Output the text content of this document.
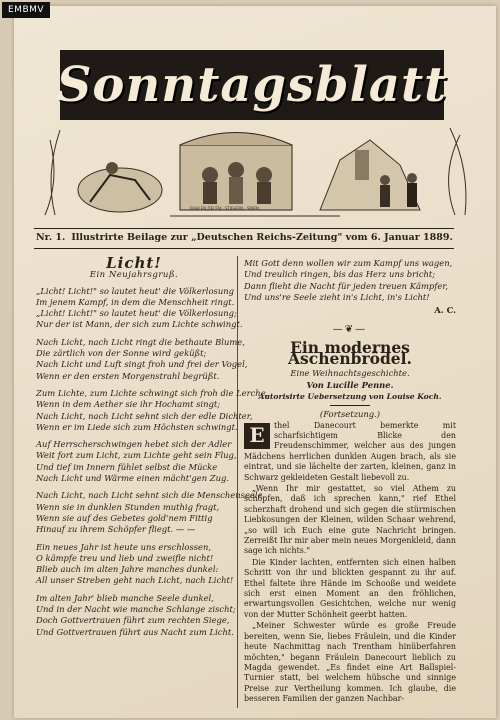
EMBMV
Sonntagsblatt
BAHLEN DELEN · STIEHEIN · SMEM
Nr. 1. Illustrirte Beilage zur „Deutschen Reichs-Zeitung" vom 6. Januar 1889.
Licht!
Ein Neujahrsgruß.

„Licht! Licht!" so lautet heut' die Völkerlosung

Im jenem Kampf, in dem die Menschheit ringt.

„Licht! Licht!" so lautet heut' die Völkerlosung;

Nur der ist Mann, der sich zum Lichte schwingt.

Nach Licht, nach Licht ringt die bethaute Blume,

Die zärtlich von der Sonne wird geküßt;

Nach Licht und Luft singt froh und frei der Vogel,

Wenn er den ersten Morgenstrahl begrüßt.

Zum Lichte, zum Lichte schwingt sich froh die Lerche,

Wenn in dem Aether sie ihr Hochamt singt;

Nach Licht, nach Licht sehnt sich der edle Dichter,

Wenn er im Liede sich zum Höchsten schwingt.

Auf Herrscherschwingen hebet sich der Adler

Weit fort zum Licht, zum Lichte geht sein Flug,

Und tief im Innern fühlet selbst die Mücke

Nach Licht und Wärme einen mächt'gen Zug.

Nach Licht, nach Licht sehnt sich die Menschenseele,

Wenn sie in dunklen Stunden muthig fragt,

Wenn sie auf des Gebetes gold'nem Fittig

Hinauf zu ihrem Schöpfer fliegt. — —

Ein neues Jahr ist heute uns erschlossen,

O kämpfe treu und lieb und zweifle nicht!

Blieb auch im alten Jahre manches dunkel:

All unser Streben geht nach Licht, nach Licht!

Im alten Jahr' blieb manche Seele dunkel,

Und in der Nacht wie manche Schlange zischt;

Doch Gottvertrauen führt zum rechten Siege,

Und Gottvertrauen führt aus Nacht zum Licht.

Mit Gott denn wollen wir zum Kampf uns wagen,

Und treulich ringen, bis das Herz uns bricht;

Dann flieht die Nacht für jeden treuen Kämpfer,

Und uns're Seele zieht in's Licht, in's Licht!

A. C.
—❦—
Ein modernes Aschenbrödel.
Eine Weihnachtsgeschichte.
Von Lucille Penne.
Autorisirte Uebersetzung von Louise Koch.
(Fortsetzung.)

E	thel Danecourt bemerkte mit scharfsichtigem Blicke den Freudenschimmer, welcher aus des jungen Mädchens herrlichen dunklen Augen brach, als sie eintrat, und sie lächelte der zarten, kleinen, ganz in Schwarz gekleideten Gestalt liebevoll zu.

„Wenn Ihr mir gestattet, so viel Athem zu schöpfen, daß ich sprechen kann," rief Ethel scherzhaft drohend und sich gegen die stürmischen Liebkosungen der Kleinen, wilden Schaar wehrend, „so will ich Euch eine gute Nachricht bringen. Zerreißt Ihr mir aber mein neues Morgenkleid, dann sage ich nichts."

Die Kinder lachten, entfernten sich einen halben Schritt von ihr und blickten gespannt zu ihr auf. Ethel faltete ihre Hände im Schooße und weidete sich erst einen Moment an den fröhlichen, erwartungsvollen Gesichtchen, welche nur wenig von der Mutter Schönheit geerbt hatten.

„Meiner Schwester würde es große Freude bereiten, wenn Sie, liebes Fräulein, und die Kinder heute Nachmittag nach Trentham hinüberfahren möchten," begann Fräulein Danecourt lieblich zu Magda gewendet. „Es findet eine Art Ballspiel-Turnier statt, bei welchem hübsche und sinnige Preise zur Vertheilung kommen. Ich glaube, die besseren Familien der ganzen Nachbar-
